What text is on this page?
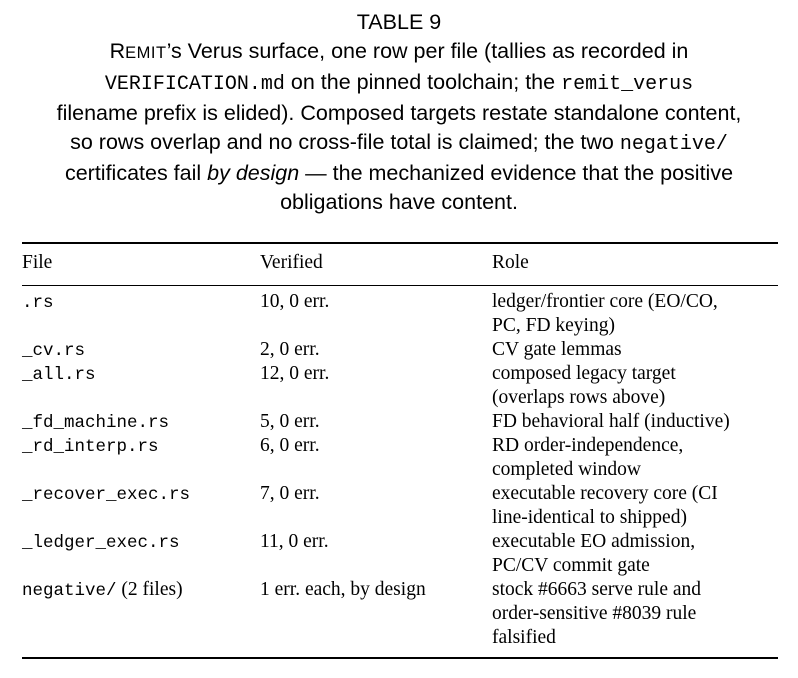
TABLE 9
REMIT’s Verus surface, one row per file (tallies as recorded in
VERIFICATION.md on the pinned toolchain; the remit_verus
filename prefix is elided). Composed targets restate standalone content,
so rows overlap and no cross-file total is claimed; the two negative/
certificates fail by design — the mechanized evidence that the positive
obligations have content.
File	Verified	Role
.rs	10, 0 err.	ledger/frontier core (EO/CO,
PC, FD keying)
_cv.rs	2, 0 err.	CV gate lemmas
_all.rs	12, 0 err.	composed legacy target
(overlaps rows above)
_fd_machine.rs	5, 0 err.	FD behavioral half (inductive)
_rd_interp.rs	6, 0 err.	RD order-independence,
completed window
_recover_exec.rs	7, 0 err.	executable recovery core (CI
line-identical to shipped)
_ledger_exec.rs	11, 0 err.	executable EO admission,
PC/CV commit gate
negative/ (2 files)	1 err. each, by design	stock #6663 serve rule and
order-sensitive #8039 rule
falsified
